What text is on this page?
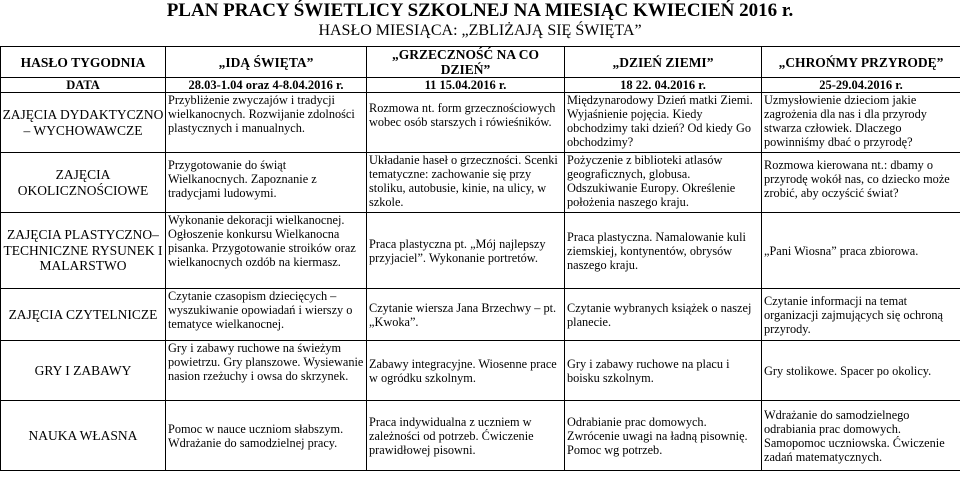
PLAN PRACY ŚWIETLICY SZKOLNEJ NA MIESIĄC KWIECIEŃ 2016 r.
HASŁO MIESIĄCA: „ZBLIŻAJĄ SIĘ ŚWIĘTA”
HASŁO TYGODNIA	„IDĄ ŚWIĘTA”	„GRZECZNOŚĆ NA CO DZIEŃ”	„DZIEŃ ZIEMI”	„CHROŃMY PRZYRODĘ”
DATA	28.03-1.04 oraz 4-8.04.2016 r.	11 15.04.2016 r.	18 22. 04.2016 r.	25-29.04.2016 r.
ZAJĘCIA DYDAKTYCZNO – WYCHOWAWCZE	Przybliżenie zwyczajów i tradycji wielkanocnych. Rozwijanie zdolności plastycznych i manualnych.	Rozmowa nt. form grzecznościowych wobec osób starszych i rówieśników.	Międzynarodowy Dzień matki Ziemi. Wyjaśnienie pojęcia. Kiedy obchodzimy taki dzień? Od kiedy Go obchodzimy?	Uzmysłowienie dzieciom jakie zagrożenia dla nas i dla przyrody stwarza człowiek. Dlaczego powinniśmy dbać o przyrodę?
ZAJĘCIA OKOLICZNOŚCIOWE	Przygotowanie do świąt Wielkanocnych. Zapoznanie z tradycjami ludowymi.	Układanie haseł o grzeczności. Scenki tematyczne: zachowanie się przy stoliku, autobusie, kinie, na ulicy, w szkole.	Pożyczenie z biblioteki atlasów geograficznych, globusa. Odszukiwanie Europy. Określenie położenia naszego kraju.	Rozmowa kierowana nt.: dbamy o przyrodę wokół nas, co dziecko może zrobić, aby oczyścić świat?
ZAJĘCIA PLASTYCZNO– TECHNICZNE RYSUNEK I MALARSTWO	Wykonanie dekoracji wielkanocnej. Ogłoszenie konkursu Wielkanocna pisanka. Przygotowanie stroików oraz wielkanocnych ozdób na kiermasz.	Praca plastyczna pt. „Mój najlepszy przyjaciel”. Wykonanie portretów.	Praca plastyczna. Namalowanie kuli ziemskiej, kontynentów, obrysów naszego kraju.	„Pani Wiosna” praca zbiorowa.
ZAJĘCIA CZYTELNICZE	Czytanie czasopism dziecięcych – wyszukiwanie opowiadań i wierszy o tematyce wielkanocnej.	Czytanie wiersza Jana Brzechwy – pt.„Kwoka”.	Czytanie wybranych książek o naszej planecie.	Czytanie informacji na temat organizacji zajmujących się ochroną przyrody.
GRY I ZABAWY	Gry i zabawy ruchowe na świeżym powietrzu. Gry planszowe. Wysiewanie nasion rzeżuchy i owsa do skrzynek.	Zabawy integracyjne. Wiosenne prace w ogródku szkolnym.	Gry i zabawy ruchowe na placu i boisku szkolnym.	Gry stolikowe. Spacer po okolicy.
NAUKA WŁASNA	Pomoc w nauce uczniom słabszym. Wdrażanie do samodzielnej pracy.	Praca indywidualna z uczniem w zależności od potrzeb. Ćwiczenie prawidłowej pisowni.	Odrabianie prac domowych. Zwrócenie uwagi na ładną pisownię. Pomoc wg potrzeb.	Wdrażanie do samodzielnego odrabiania prac domowych. Samopomoc uczniowska. Ćwiczenie zadań matematycznych.
